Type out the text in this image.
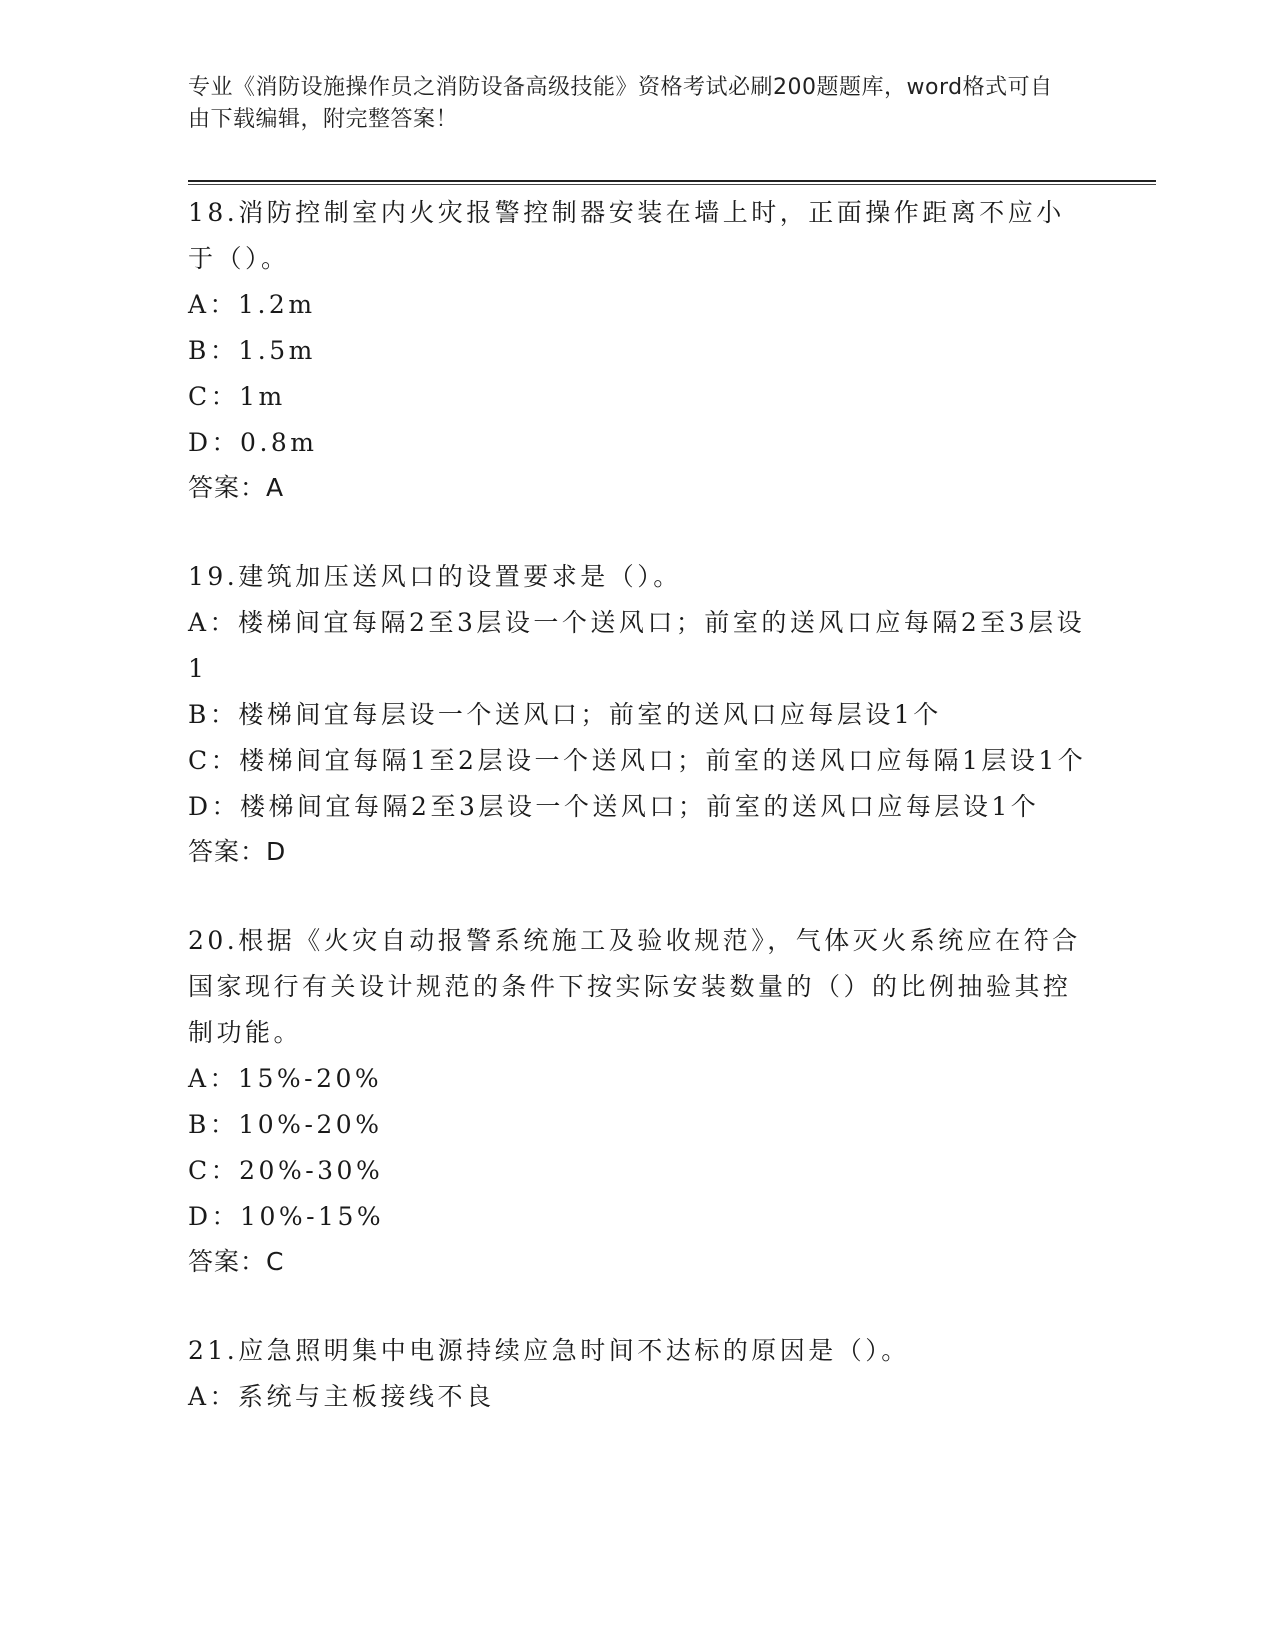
专业《消防设施操作员之消防设备高级技能》资格考试必刷200题题库，word格式可自由下载编辑，附完整答案！

18.消防控制室内火灾报警控制器安装在墙上时，正面操作距离不应小于（）。

A：1.2m

B：1.5m

C：1m

D：0.8m

答案：A

19.建筑加压送风口的设置要求是（）。

A：楼梯间宜每隔2至3层设一个送风口；前室的送风口应每隔2至3层设1

B：楼梯间宜每层设一个送风口；前室的送风口应每层设1个

C：楼梯间宜每隔1至2层设一个送风口；前室的送风口应每隔1层设1个

D：楼梯间宜每隔2至3层设一个送风口；前室的送风口应每层设1个

答案：D

20.根据《火灾自动报警系统施工及验收规范》，气体灭火系统应在符合国家现行有关设计规范的条件下按实际安装数量的（）的比例抽验其控制功能。

A：15%-20%

B：10%-20%

C：20%-30%

D：10%-15%

答案：C

21.应急照明集中电源持续应急时间不达标的原因是（）。

A：系统与主板接线不良
